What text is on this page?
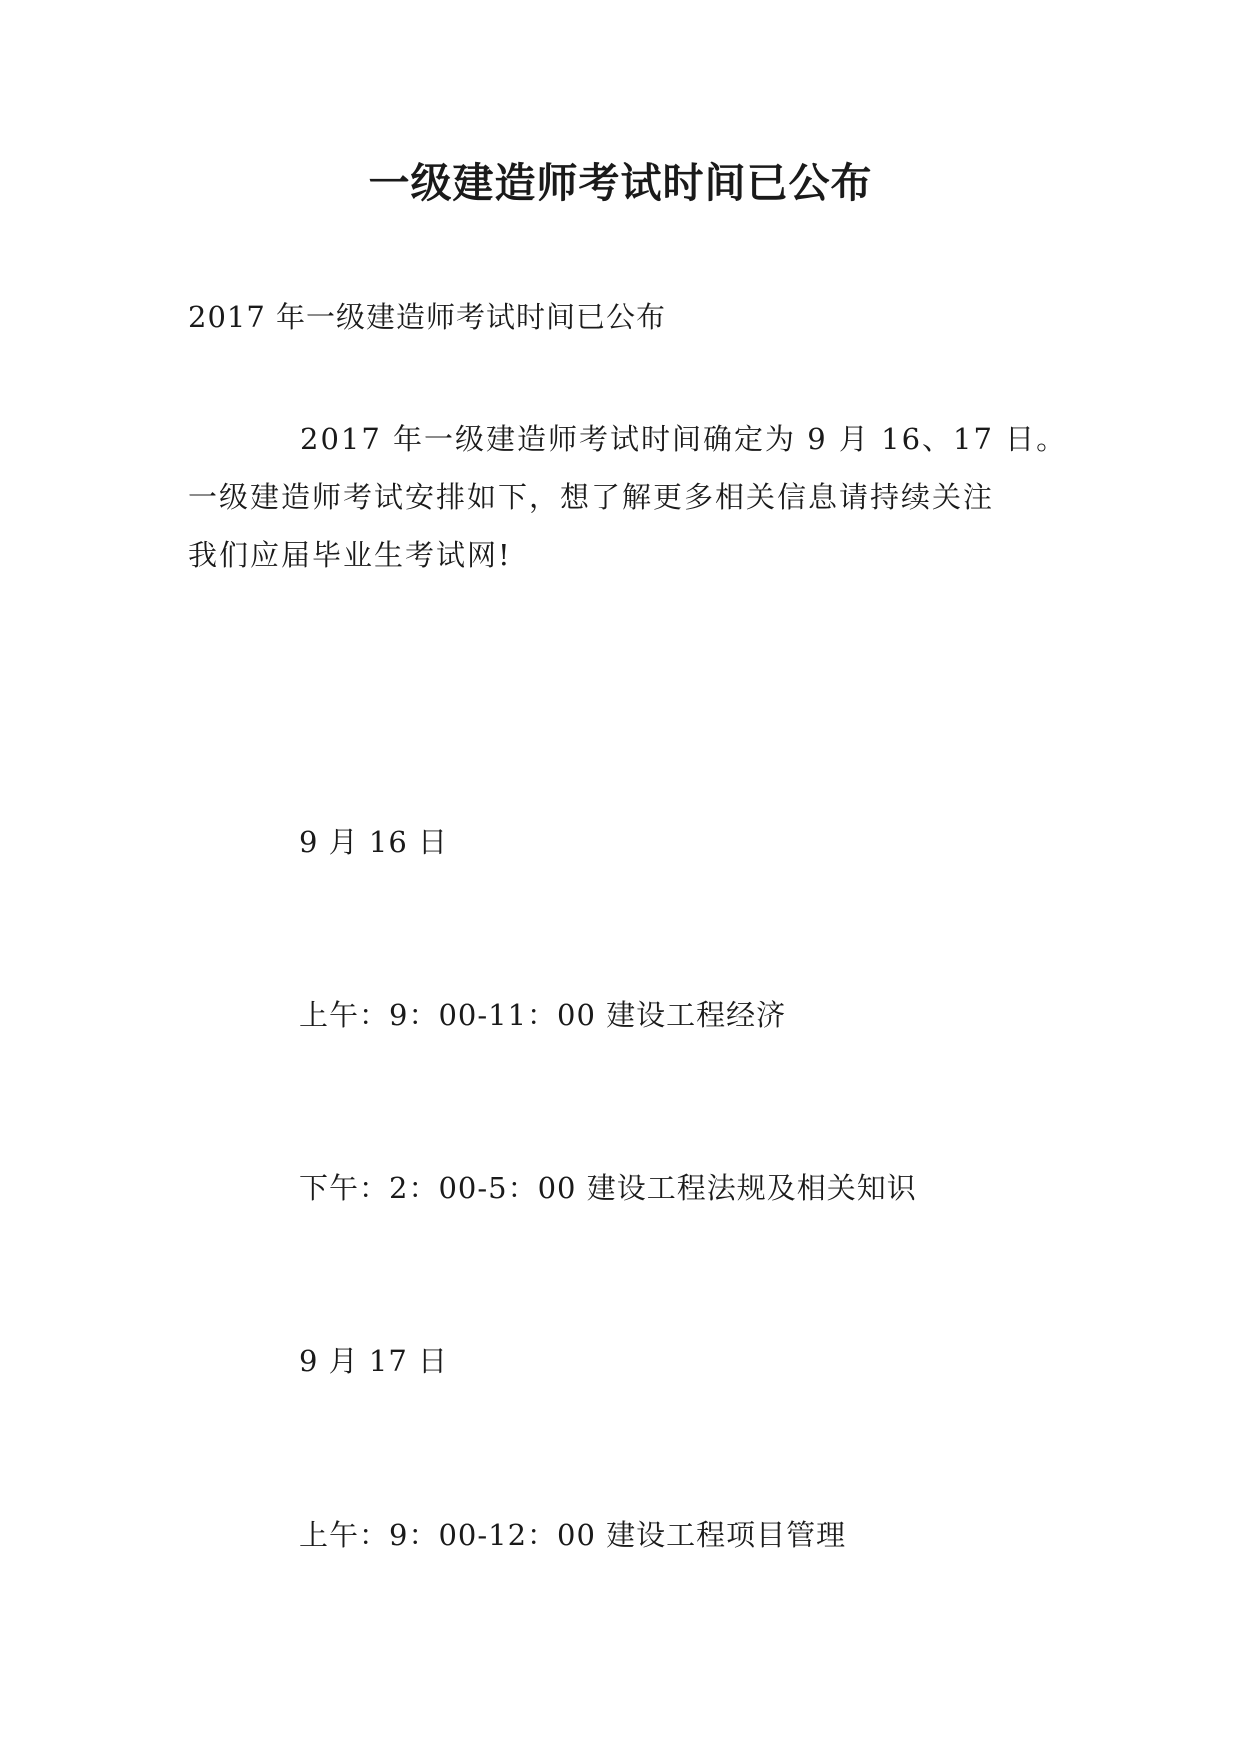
一级建造师考试时间已公布

2017 年一级建造师考试时间已公布

2017 年一级建造师考试时间确定为 9 月 16、17 日。
一级建造师考试安排如下，想了解更多相关信息请持续关注
我们应届毕业生考试网!

9 月 16 日

上午：9：00-11：00 建设工程经济

下午：2：00-5：00 建设工程法规及相关知识

9 月 17 日

上午：9：00-12：00 建设工程项目管理
